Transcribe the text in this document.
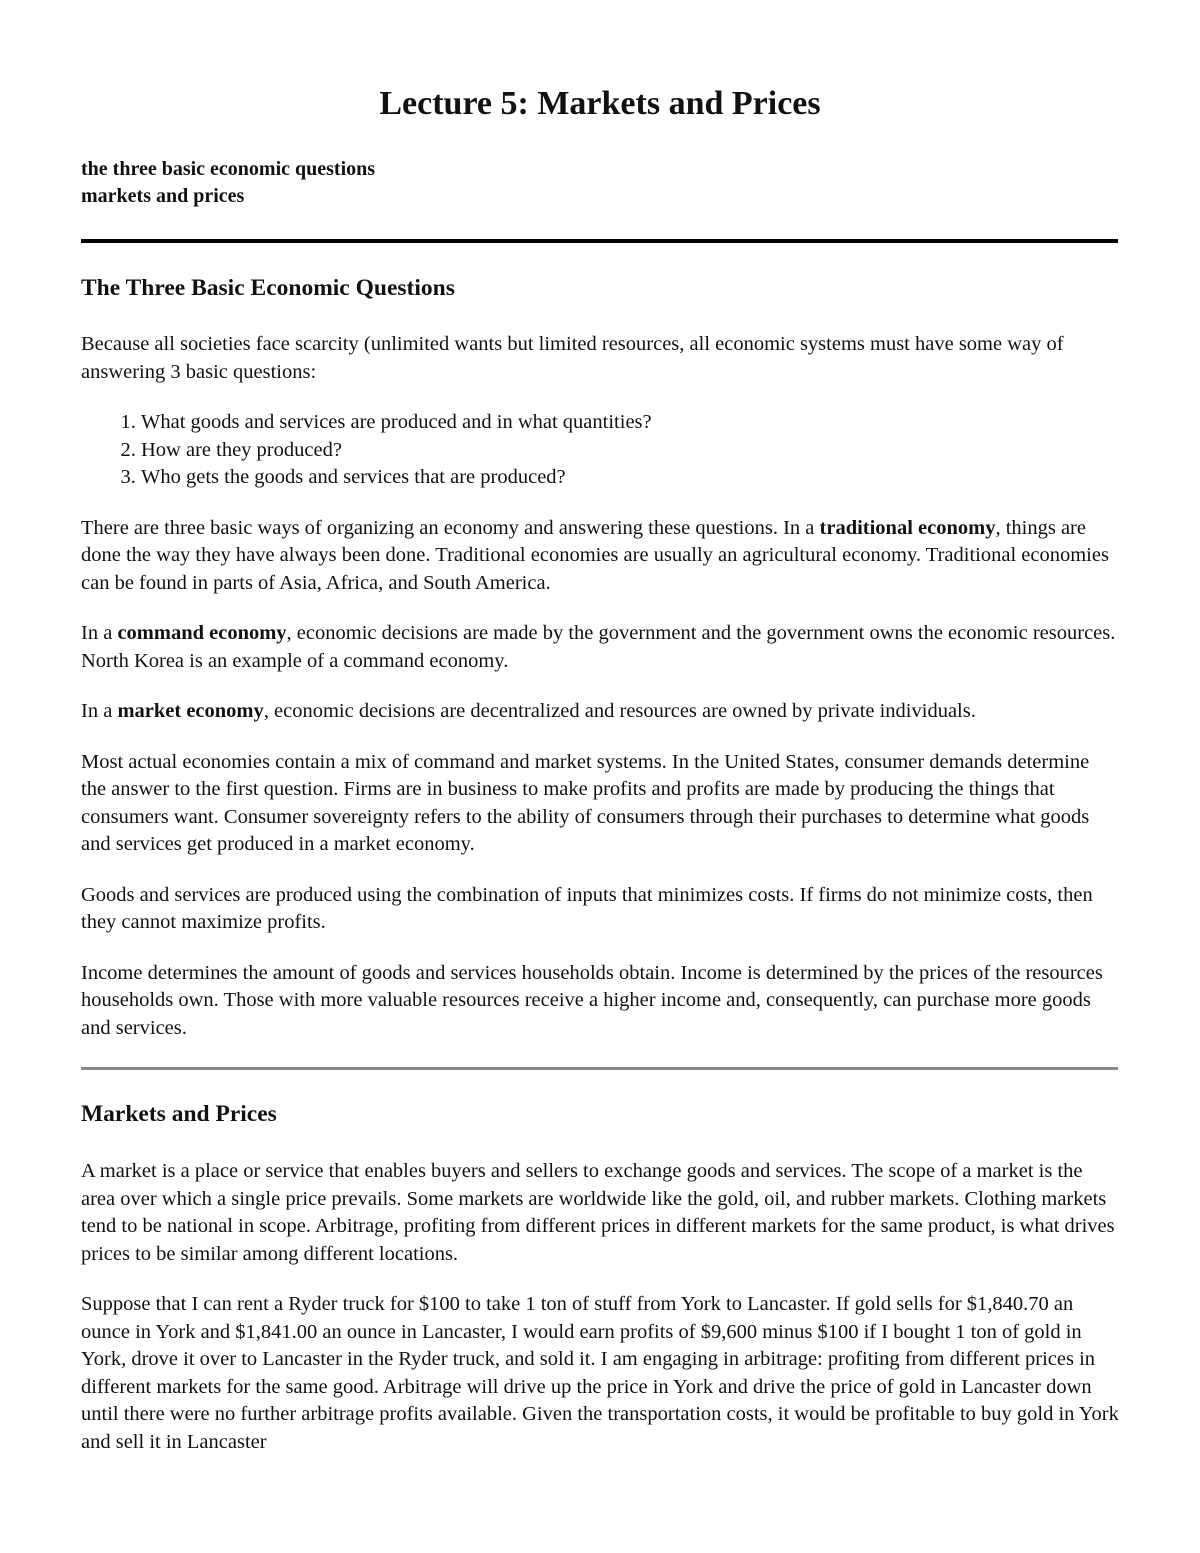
Lecture 5: Markets and Prices
the three basic economic questions
markets and prices
The Three Basic Economic Questions

Because all societies face scarcity (unlimited wants but limited resources, all economic systems must have some way of answering 3 basic questions:

1. What goods and services are produced and in what quantities?
2. How are they produced?
3. Who gets the goods and services that are produced?

There are three basic ways of organizing an economy and answering these questions. In a traditional economy, things are done the way they have always been done. Traditional economies are usually an agricultural economy. Traditional economies can be found in parts of Asia, Africa, and South America.

In a command economy, economic decisions are made by the government and the government owns the economic resources. North Korea is an example of a command economy.

In a market economy, economic decisions are decentralized and resources are owned by private individuals.

Most actual economies contain a mix of command and market systems. In the United States, consumer demands determine the answer to the first question. Firms are in business to make profits and profits are made by producing the things that consumers want. Consumer sovereignty refers to the ability of consumers through their purchases to determine what goods and services get produced in a market economy.

Goods and services are produced using the combination of inputs that minimizes costs. If firms do not minimize costs, then they cannot maximize profits.

Income determines the amount of goods and services households obtain. Income is determined by the prices of the resources households own. Those with more valuable resources receive a higher income and, consequently, can purchase more goods and services.

Markets and Prices

A market is a place or service that enables buyers and sellers to exchange goods and services. The scope of a market is the area over which a single price prevails. Some markets are worldwide like the gold, oil, and rubber markets. Clothing markets tend to be national in scope. Arbitrage, profiting from different prices in different markets for the same product, is what drives prices to be similar among different locations.

Suppose that I can rent a Ryder truck for $100 to take 1 ton of stuff from York to Lancaster. If gold sells for $1,840.70 an ounce in York and $1,841.00 an ounce in Lancaster, I would earn profits of $9,600 minus $100 if I bought 1 ton of gold in York, drove it over to Lancaster in the Ryder truck, and sold it. I am engaging in arbitrage: profiting from different prices in different markets for the same good. Arbitrage will drive up the price in York and drive the price of gold in Lancaster down until there were no further arbitrage profits available. Given the transportation costs, it would be profitable to buy gold in York and sell it in Lancaster
